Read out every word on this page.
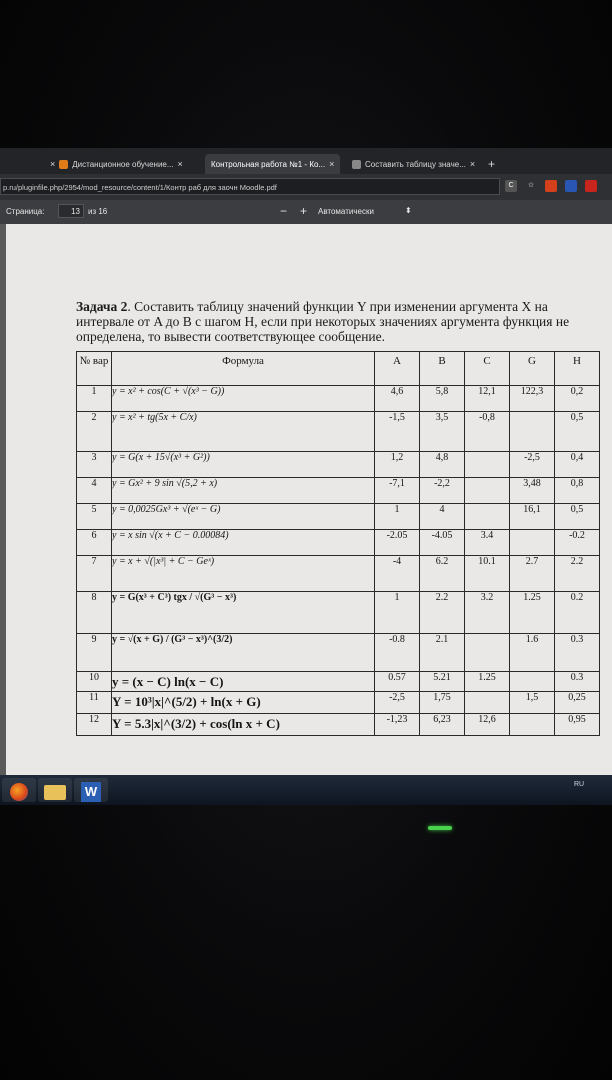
× Дистанционное обучение... ×	Контрольная работа №1 - Ко... ×	Составить таблицу значе... × +
p.ru/pluginfile.php/2954/mod_resource/content/1/Контр раб для заочн Moodle.pdf	C	☆
Страница:	13	из 16	− + Автоматически	⬍
Задача 2. Составить таблицу значений функции Y при изменении аргумента X на интервале от A до B с шагом H, если при некоторых значениях аргумента функция не определена, то вывести соответствующее сообщение.
№ вар	Формула	A	B	C	G	H
1	y = x² + cos(C + √(x³ − G))	4,6	5,8	12,1	122,3	0,2
2	y = x² + tg(5x + C/x)	-1,5	3,5	-0,8		0,5
3	y = G(x + 15√(x³ + G²))	1,2	4,8		-2,5	0,4
4	y = Gx² + 9 sin √(5,2 + x)	-7,1	-2,2		3,48	0,8
5	y = 0,0025Gx³ + √(eˣ − G)	1	4		16,1	0,5
6	y = x sin √(x + C − 0.00084)	-2.05	-4.05	3.4		-0.2
7	y = x + √(|x³| + C − Geˣ)	-4	6.2	10.1	2.7	2.2
8	y = G(x³ + C³) tgx / √(G³ − x³)	1	2.2	3.2	1.25	0.2
9	y = √(x + G) / (G³ − x³)^(3/2)	-0.8	2.1		1.6	0.3
10	y = (x − C) ln(x − C)	0.57	5.21	1.25		0.3
11	Y = 10³|x|^(5/2) + ln(x + G)	-2,5	1,75		1,5	0,25
12	Y = 5.3|x|^(3/2) + cos(ln x + C)	-1,23	6,23	12,6		0,95
W	RU
